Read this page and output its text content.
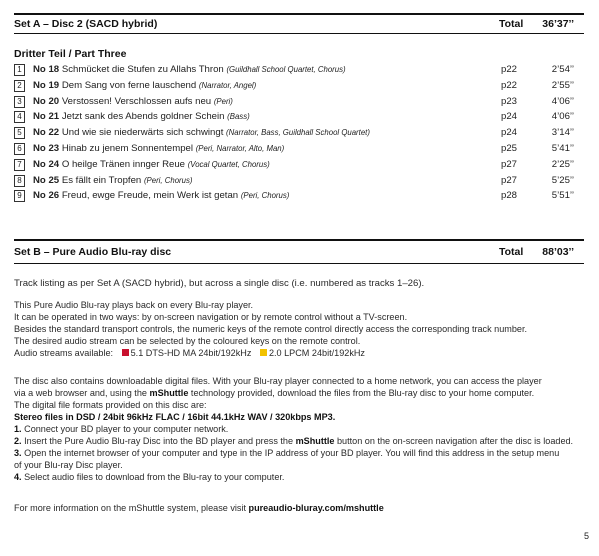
Set A – Disc 2 (SACD hybrid)	Total 36’37’’
Dritter Teil / Part Three
1	No 18 Schmücket die Stufen zu Allahs Thron (Guildhall School Quartet, Chorus)	p22	2’54’’
2	No 19 Dem Sang von ferne lauschend (Narrator, Angel)	p22	2’55’’
3	No 20 Verstossen! Verschlossen aufs neu (Peri)	p23	4’06’’
4	No 21 Jetzt sank des Abends goldner Schein (Bass)	p24	4’06’’
5	No 22 Und wie sie niederwärts sich schwingt (Narrator, Bass, Guildhall School Quartet)	p24	3’14’’
6	No 23 Hinab zu jenem Sonnentempel (Peri, Narrator, Alto, Man)	p25	5’41’’
7	No 24 O heilge Tränen innger Reue (Vocal Quartet, Chorus)	p27	2’25’’
8	No 25 Es fällt ein Tropfen (Peri, Chorus)	p27	5’25’’
9	No 26 Freud, ewge Freude, mein Werk ist getan (Peri, Chorus)	p28	5’51’’
Set B – Pure Audio Blu-ray disc	Total 88’03’’

Track listing as per Set A (SACD hybrid), but across a single disc (i.e. numbered as tracks 1–26).

This Pure Audio Blu-ray plays back on every Blu-ray player.

It can be operated in two ways: by on-screen navigation or by remote control without a TV-screen.

Besides the standard transport controls, the numeric keys of the remote control directly access the corresponding track number.

The desired audio stream can be selected by the coloured keys on the remote control.

Audio streams available: 5.1 DTS-HD MA 24bit/192kHz 2.0 LPCM 24bit/192kHz

The disc also contains downloadable digital files. With your Blu-ray player connected to a home network, you can access the player

via a web browser and, using the mShuttle technology provided, download the files from the Blu-ray disc to your home computer.

The digital file formats provided on this disc are:

Stereo files in DSD / 24bit 96kHz FLAC / 16bit 44.1kHz WAV / 320kbps MP3.

1. Connect your BD player to your computer network.

2. Insert the Pure Audio Blu-ray Disc into the BD player and press the mShuttle button on the on-screen navigation after the disc is loaded.

3. Open the internet browser of your computer and type in the IP address of your BD player. You will find this address in the setup menu

of your Blu-ray Disc player.

4. Select audio files to download from the Blu-ray to your computer.

For more information on the mShuttle system, please visit pureaudio-bluray.com/mshuttle

5
